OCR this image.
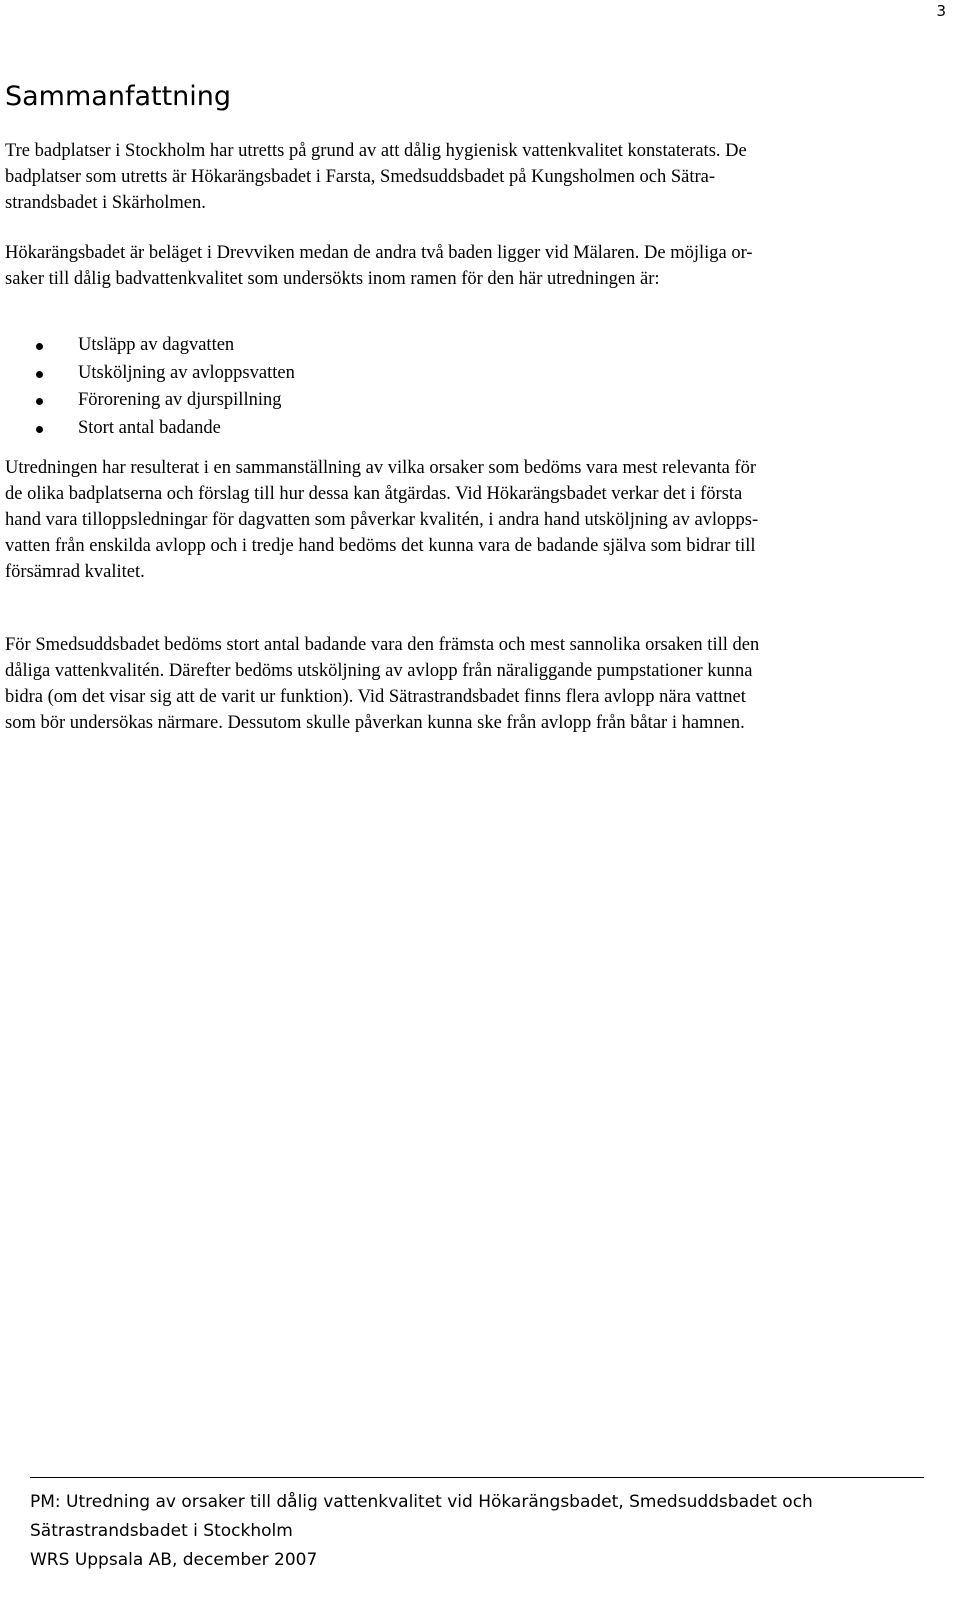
3
Sammanfattning

Tre badplatser i Stockholm har utretts på grund av att dålig hygienisk vattenkvalitet konstaterats. De
badplatser som utretts är Hökarängsbadet i Farsta, Smedsuddsbadet på Kungsholmen och Sätra-
strandsbadet i Skärholmen.

Hökarängsbadet är beläget i Drevviken medan de andra två baden ligger vid Mälaren. De möjliga or-
saker till dålig badvattenkvalitet som undersökts inom ramen för den här utredningen är:

Utsläpp av dagvatten
Utsköljning av avloppsvatten
Förorening av djurspillning
Stort antal badande

Utredningen har resulterat i en sammanställning av vilka orsaker som bedöms vara mest relevanta för
de olika badplatserna och förslag till hur dessa kan åtgärdas. Vid Hökarängsbadet verkar det i första
hand vara tilloppsledningar för dagvatten som påverkar kvalitén, i andra hand utsköljning av avlopps-
vatten från enskilda avlopp och i tredje hand bedöms det kunna vara de badande själva som bidrar till
försämrad kvalitet.

För Smedsuddsbadet bedöms stort antal badande vara den främsta och mest sannolika orsaken till den
dåliga vattenkvalitén. Därefter bedöms utsköljning av avlopp från näraliggande pumpstationer kunna
bidra (om det visar sig att de varit ur funktion). Vid Sätrastrandsbadet finns flera avlopp nära vattnet
som bör undersökas närmare. Dessutom skulle påverkan kunna ske från avlopp från båtar i hamnen.

PM: Utredning av orsaker till dålig vattenkvalitet vid Hökarängsbadet, Smedsuddsbadet och
Sätrastrandsbadet i Stockholm
WRS Uppsala AB, december 2007
